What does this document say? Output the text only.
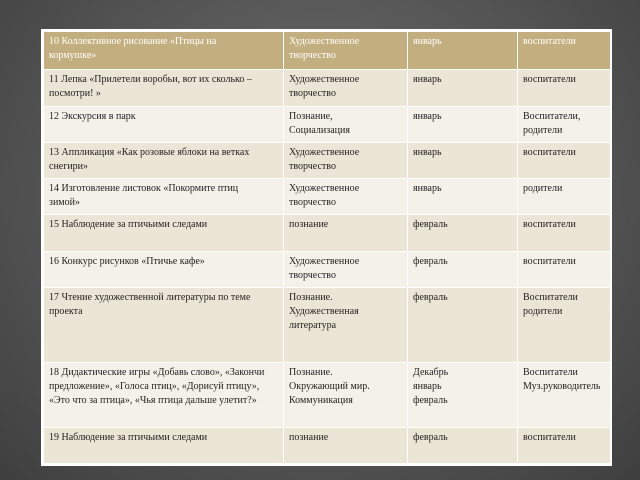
10 Коллективное рисование «Птицы на
кормушке»	Художественное
творчество	январь	воспитатели

11 Лепка «Прилетели воробьи, вот их сколько –
посмотри! »	Художественное
творчество	январь	воспитатели

12 Экскурсия в парк	Познание,
Социализация	январь	Воспитатели,
родители

13 Аппликация «Как розовые яблоки на ветках
снегири»	Художественное
творчество	январь	воспитатели

14 Изготовление листовок «Покормите птиц
зимой»	Художественное
творчество	январь	родители

15 Наблюдение за птичьими следами	познание	февраль	воспитатели

16 Конкурс рисунков «Птичье кафе»	Художественное
творчество	февраль	воспитатели

17 Чтение художественной литературы по теме
проекта	Познание.
Художественная
литература	февраль	Воспитатели
родители

18 Дидактические игры «Добавь слово», «Закончи
предложение», «Голоса птиц», «Дорисуй птицу»,
«Это что за птица», «Чья птица дальше улетит?»	Познание.
Окружающий мир.
Коммуникация	Декабрь
январь
февраль	Воспитатели
Муз.руководитель

19 Наблюдение за птичьими следами	познание	февраль	воспитатели
